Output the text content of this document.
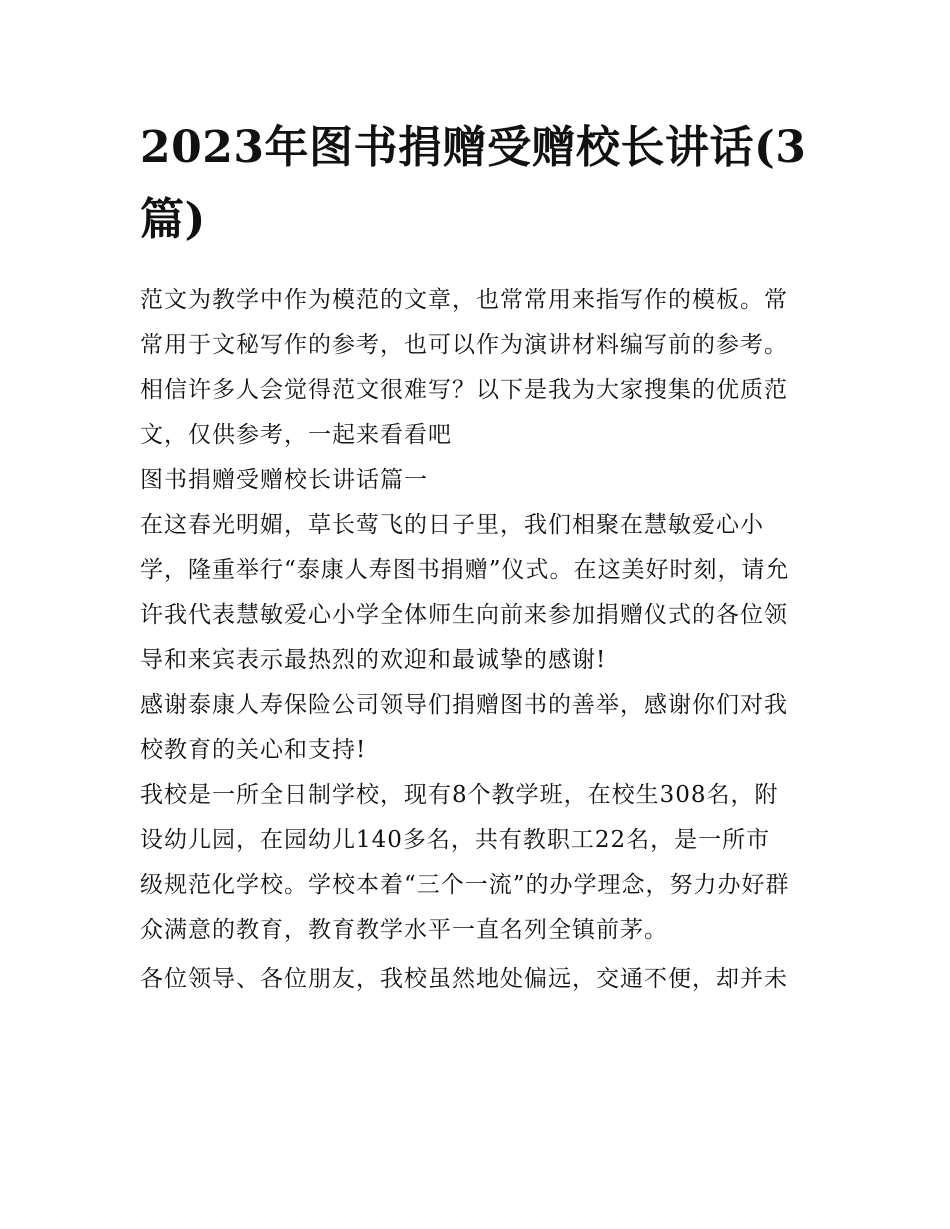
2023年图书捐赠受赠校长讲话(3篇)

范文为教学中作为模范的文章，也常常用来指写作的模板。常
常用于文秘写作的参考，也可以作为演讲材料编写前的参考。
相信许多人会觉得范文很难写？以下是我为大家搜集的优质范
文，仅供参考，一起来看看吧

图书捐赠受赠校长讲话篇一

在这春光明媚，草长莺飞的日子里，我们相聚在慧敏爱心小
学，隆重举行“泰康人寿图书捐赠”仪式。在这美好时刻，请允
许我代表慧敏爱心小学全体师生向前来参加捐赠仪式的各位领
导和来宾表示最热烈的欢迎和最诚挚的感谢!

感谢泰康人寿保险公司领导们捐赠图书的善举，感谢你们对我
校教育的关心和支持!

我校是一所全日制学校，现有8个教学班，在校生308名，附
设幼儿园，在园幼儿140多名，共有教职工22名，是一所市
级规范化学校。学校本着“三个一流”的办学理念，努力办好群
众满意的教育，教育教学水平一直名列全镇前茅。

各位领导、各位朋友，我校虽然地处偏远，交通不便，却并未
